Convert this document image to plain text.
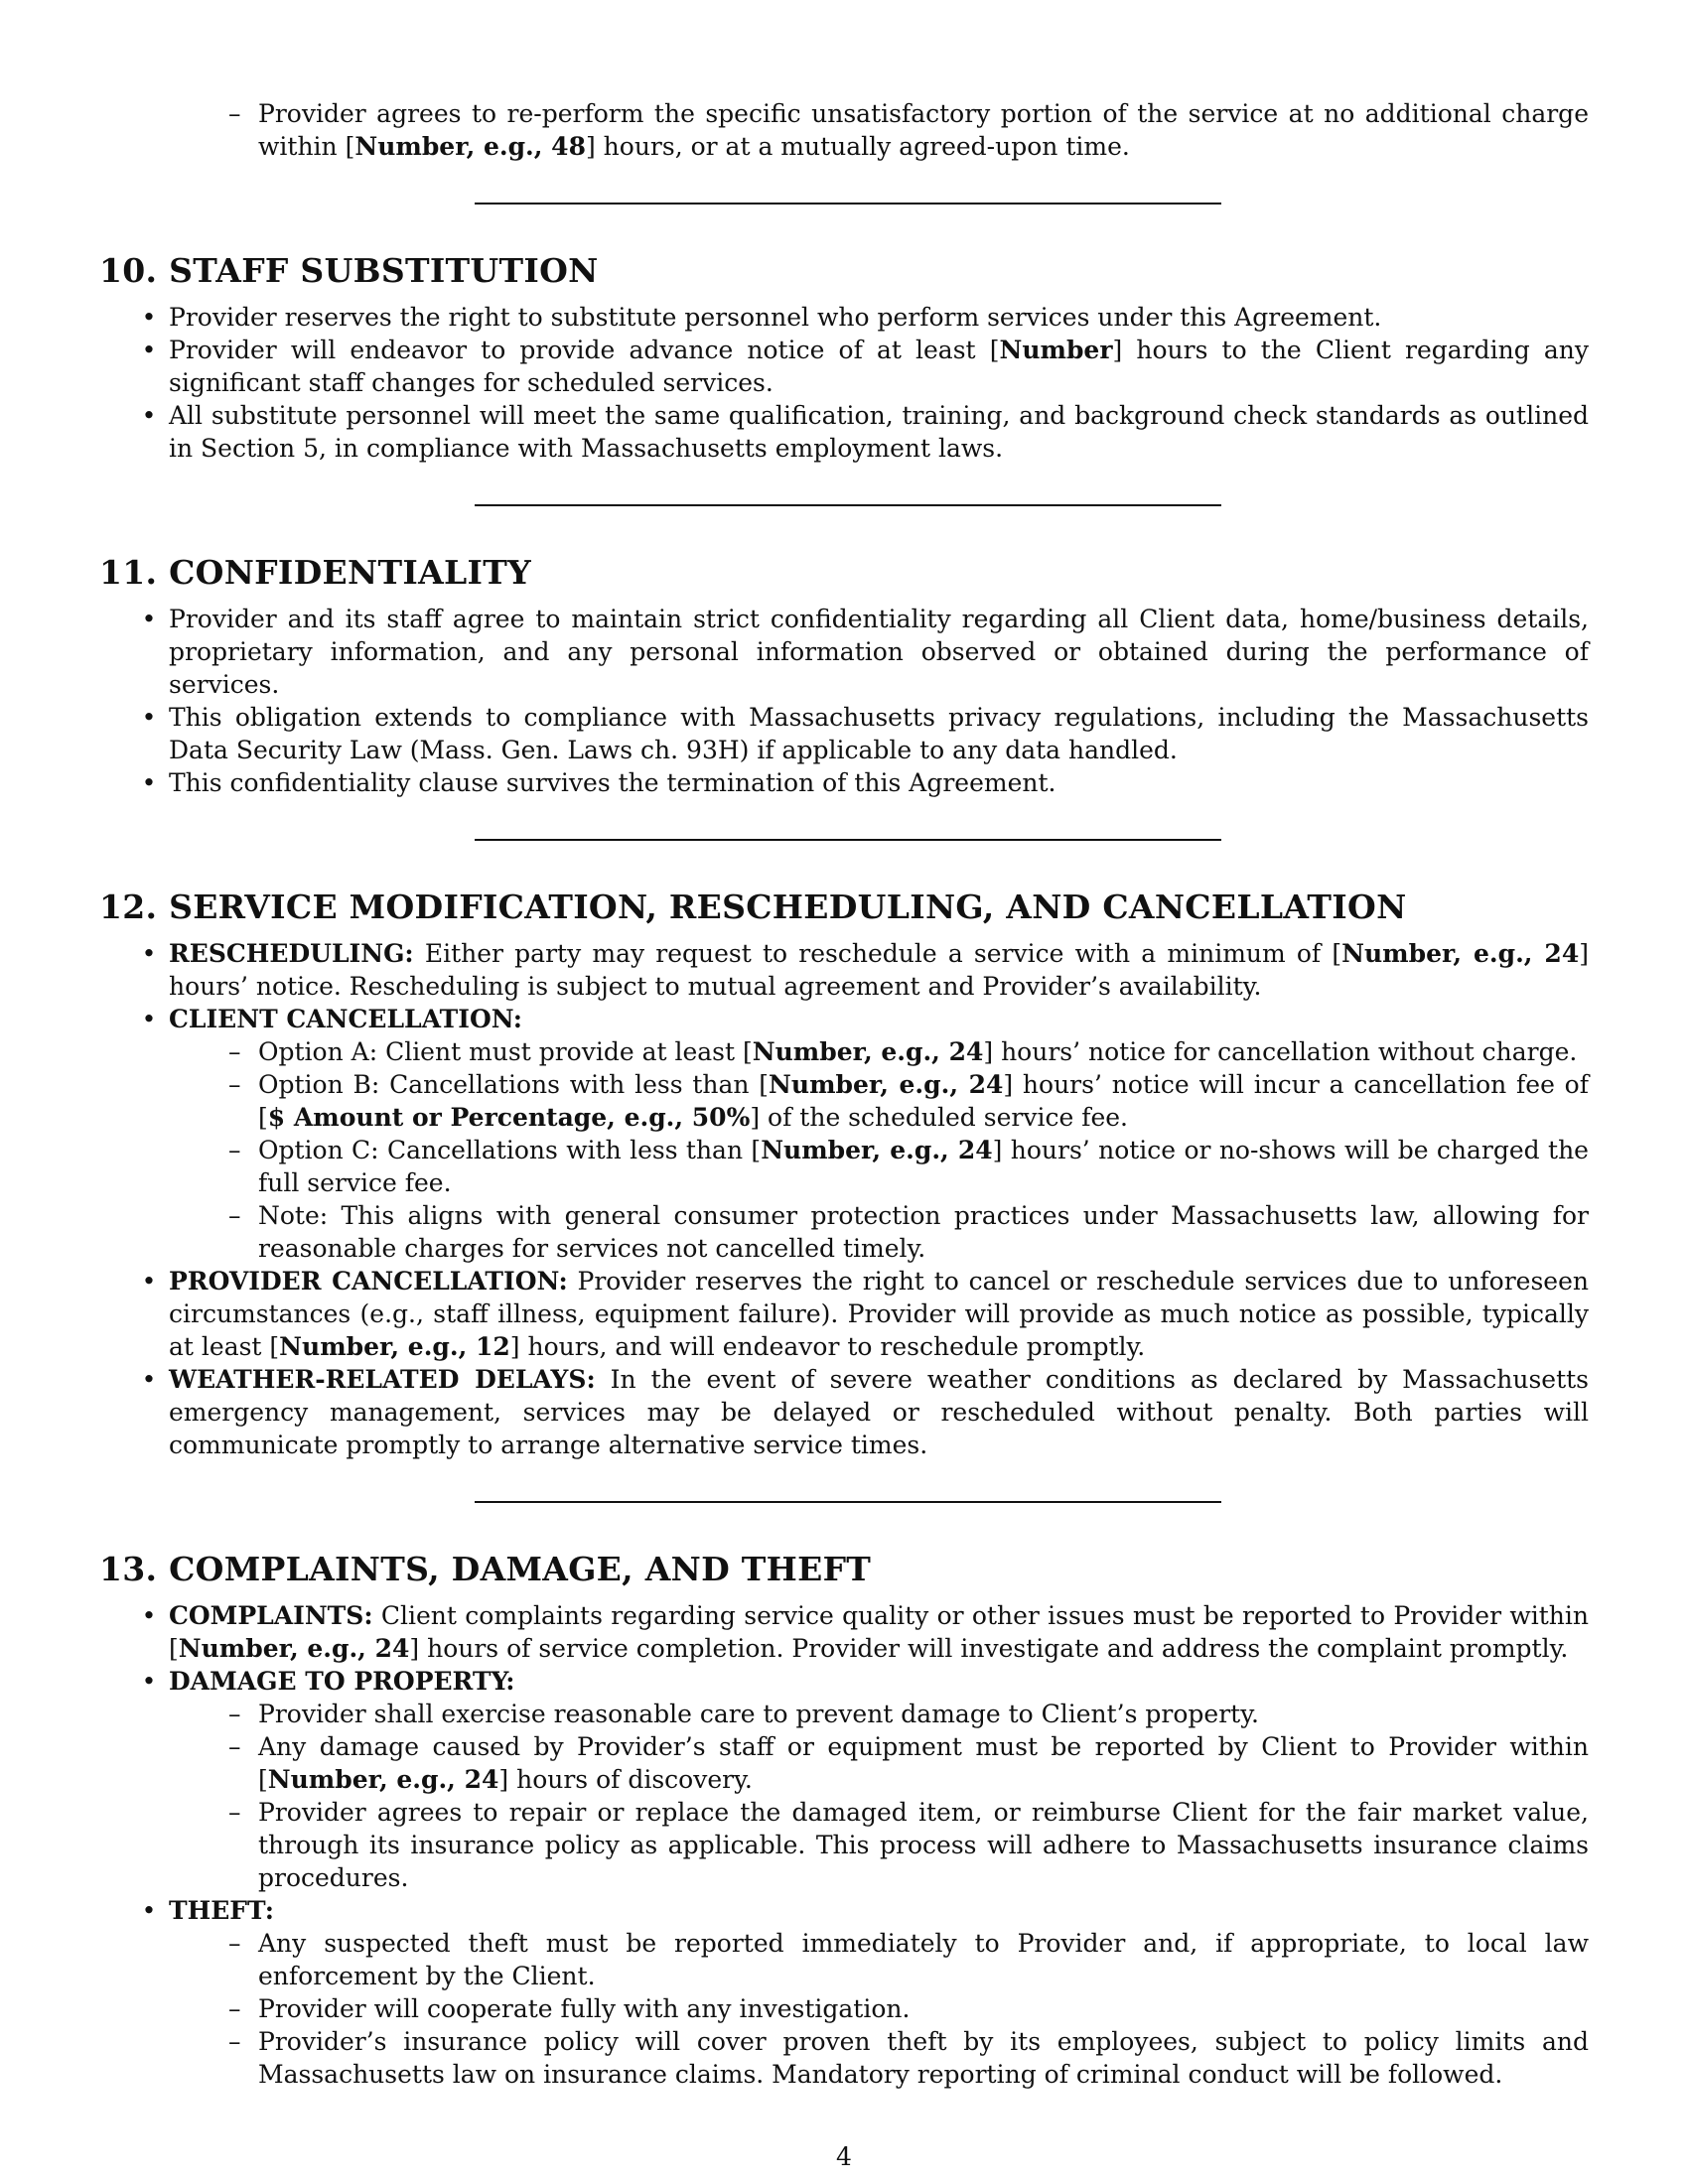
– Provider agrees to re-perform the specific unsatisfactory portion of the service at no additional charge within [Number, e.g., 48] hours, or at a mutually agreed-upon time.

10. STAFF SUBSTITUTION
• Provider reserves the right to substitute personnel who perform services under this Agreement.
• Provider will endeavor to provide advance notice of at least [Number] hours to the Client regarding any significant staff changes for scheduled services.
• All substitute personnel will meet the same qualification, training, and background check standards as outlined in Section 5, in compliance with Massachusetts employment laws.
11. CONFIDENTIALITY
• Provider and its staff agree to maintain strict confidentiality regarding all Client data, home/business details, proprietary information, and any personal information observed or obtained during the performance of services.
• This obligation extends to compliance with Massachusetts privacy regulations, including the Massachusetts Data Security Law (Mass. Gen. Laws ch. 93H) if applicable to any data handled.
• This confidentiality clause survives the termination of this Agreement.
12. SERVICE MODIFICATION, RESCHEDULING, AND CANCELLATION
• RESCHEDULING: Either party may request to reschedule a service with a minimum of [Number, e.g., 24] hours’ notice. Rescheduling is subject to mutual agreement and Provider’s availability.
• CLIENT CANCELLATION:
– Option A: Client must provide at least [Number, e.g., 24] hours’ notice for cancellation without charge.
– Option B: Cancellations with less than [Number, e.g., 24] hours’ notice will incur a cancellation fee of [$ Amount or Percentage, e.g., 50%] of the scheduled service fee.
– Option C: Cancellations with less than [Number, e.g., 24] hours’ notice or no-shows will be charged the full service fee.
– Note: This aligns with general consumer protection practices under Massachusetts law, allowing for reasonable charges for services not cancelled timely.
• PROVIDER CANCELLATION: Provider reserves the right to cancel or reschedule services due to unforeseen circumstances (e.g., staff illness, equipment failure). Provider will provide as much notice as possible, typically at least [Number, e.g., 12] hours, and will endeavor to reschedule promptly.
• WEATHER-RELATED DELAYS: In the event of severe weather conditions as declared by Massachusetts emergency management, services may be delayed or rescheduled without penalty. Both parties will communicate promptly to arrange alternative service times.
13. COMPLAINTS, DAMAGE, AND THEFT
• COMPLAINTS: Client complaints regarding service quality or other issues must be reported to Provider within [Number, e.g., 24] hours of service completion. Provider will investigate and address the complaint promptly.
• DAMAGE TO PROPERTY:
– Provider shall exercise reasonable care to prevent damage to Client’s property.
– Any damage caused by Provider’s staff or equipment must be reported by Client to Provider within [Number, e.g., 24] hours of discovery.
– Provider agrees to repair or replace the damaged item, or reimburse Client for the fair market value, through its insurance policy as applicable. This process will adhere to Massachusetts insurance claims procedures.
• THEFT:
– Any suspected theft must be reported immediately to Provider and, if appropriate, to local law enforcement by the Client.
– Provider will cooperate fully with any investigation.
– Provider’s insurance policy will cover proven theft by its employees, subject to policy limits and Massachusetts law on insurance claims. Mandatory reporting of criminal conduct will be followed.
4
